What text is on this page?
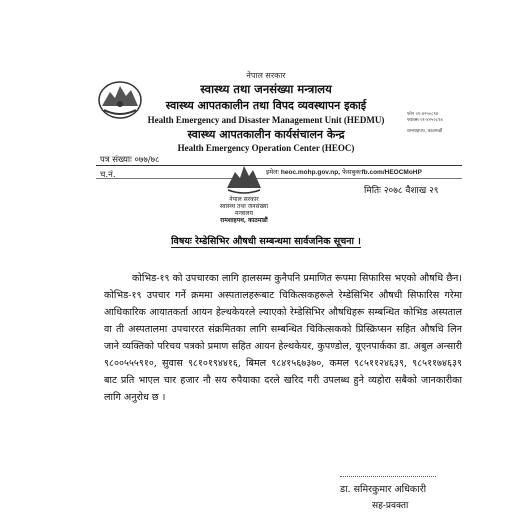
नेपाल सरकार
स्वास्थ्य तथा जनसंख्या मन्त्रालय
स्वास्थ्य आपतकालीन तथा विपद व्यवस्थापन इकाई
Health Emergency and Disaster Management Unit (HEDMU)
स्वास्थ्य आपतकालीन कार्यसंचालन केन्द्र
Health Emergency Operation Center (HEOC)
फोन ०१-४२५०८९४
फ्याक्स ०१-४२५०८९४
रामशाहपथ, काठमाडौं
पत्र संख्याः ०७७/७८
च.नं.	इमेलः heoc.mohp.gov.np, फेसबुकःfb.com/HEOCMoHP
नेपाल सरकार
स्वास्थ्य तथा जनसंख्या
मन्त्रालय
रामशाहपथ, काठमाडौं
मितिः २०७८ वैशाख २९
विषयः रेम्डेसिभिर औषधी सम्बन्धमा सार्वजनिक सूचना ।

कोभिड-१९ को उपचारका लागि हालसम्म कुनैपनि प्रमाणित रूपमा सिफारिस भएको औषधि छैन। कोभिड-१९ उपचार गर्ने क्रममा अस्पतालहरूबाट चिकित्सकहरूले रेम्डेसिभिर औषधी सिफारिस गरेमा आधिकारिक आयातकर्ता आयन हेल्थकेयरले ल्याएको रेम्डेसिभिर औषधिहरू सम्बन्धित कोभिड अस्पताल वा ती अस्पतालमा उपचाररत संक्रमितका लागि सम्बन्धित चिकित्सकको प्रिस्क्रिप्सन सहित औषधि लिन जाने व्यक्तिको परिचय पत्रको प्रमाण सहित आयन हेल्थकेयर, कुपण्डोल, यूएनपार्कका डा. अबुल अन्सारी ९८००५५५९१०, सुवास ९८१०१९४४१६, बिमल ९८४१५६७३७०, कमल ९८५११२४६३९, ९८५११७४६३९ बाट प्रति भाएल चार हजार नौ सय रुपैयाका दरले खरिद गरी उपलब्ध हुने व्यहोरा सबैको जानकारीका लागि अनुरोध छ ।

डा. समिरकुमार अधिकारी
सह-प्रवक्ता
